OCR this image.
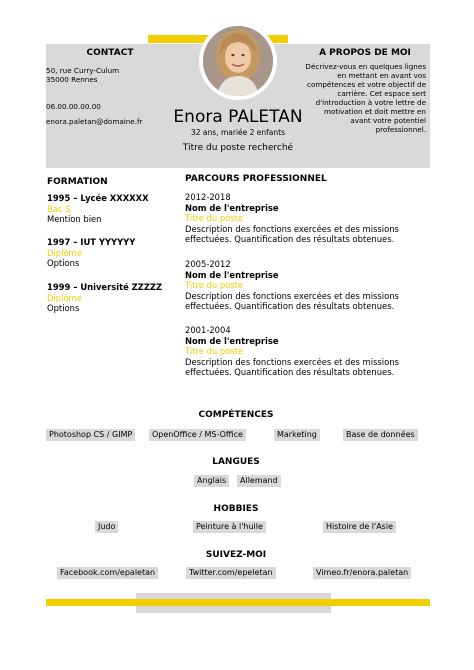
CONTACT
50, rue Curry-Culum
35000 Rennes
06.00.00.00.00
enora.paletan@domaine.fr	Enora PALETAN
32 ans, mariée 2 enfants
Titre du poste recherché
A PROPOS DE MOI
Décrivez-vous en quelques lignes
en mettant en avant vos
compétences et votre objectif de
carrière. Cet espace sert
d'introduction à votre lettre de
motivation et doit mettre en
avant votre potentiel
professionnel.
FORMATION
1995 – Lycée XXXXXX
Bac S
Mention bien
1997 – IUT YYYYYY
Diplôme
Options
1999 – Université ZZZZZ
Diplôme
Options
PARCOURS PROFESSIONNEL
2012-2018
Nom de l'entreprise
Titre du poste
Description des fonctions exercées et des missions
effectuées. Quantification des résultats obtenues.
2005-2012
Nom de l'entreprise
Titre du poste
Description des fonctions exercées et des missions
effectuées. Quantification des résultats obtenues.
2001-2004
Nom de l'entreprise
Titre du poste
Description des fonctions exercées et des missions
effectuées. Quantification des résultats obtenues.
COMPÉTENCES
Photoshop CS / GIMP	OpenOffice / MS-Office	Marketing	Base de données
LANGUES
Anglais	Allemand
HOBBIES
Judo	Peinture à l'huile	Histoire de l'Asie
SUIVEZ-MOI
Facebook.com/epaletan	Twitter.com/epeletan	Vimeo.fr/enora.paletan
